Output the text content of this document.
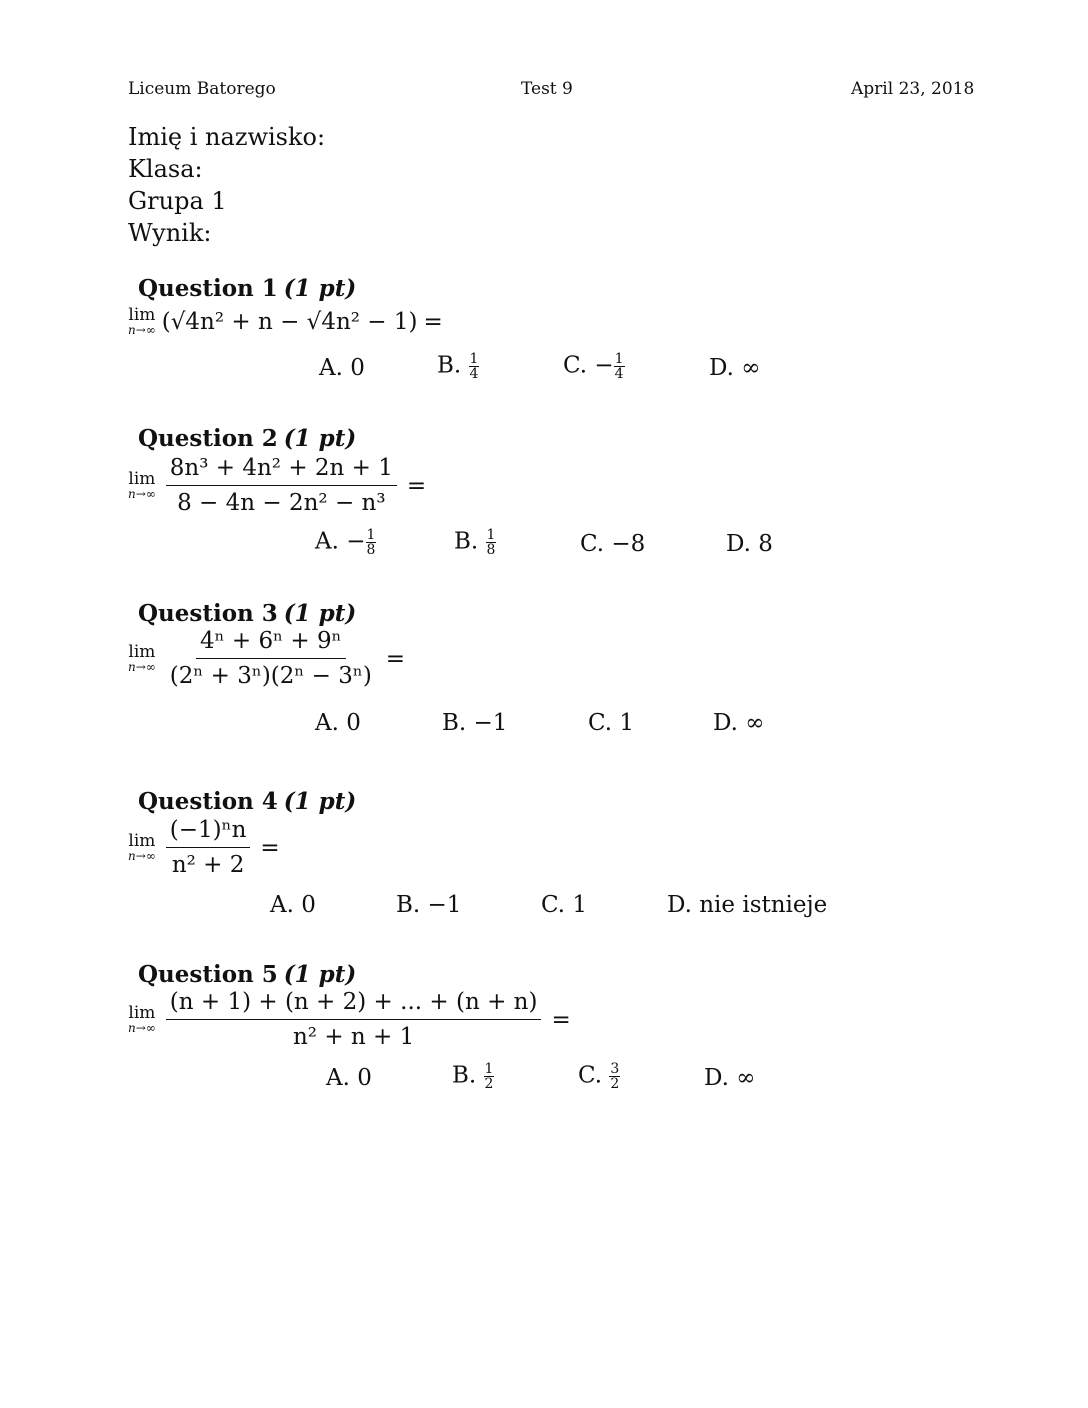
Liceum Batorego	Test 9	April 23, 2018
Imię i nazwisko:
Klasa:
Grupa 1
Wynik:
Question 1 (1 pt)
lim
n→∞ (√4n² + n − √4n² − 1) =
A. 0	B. $\frac{1}{4}$	C. − $\frac{1}{4}$	D. ∞
Question 2 (1 pt)
lim
$n\to\infty \frac{\text{8n³ + 4n² + 2n + 1}}{\text{8 − 4n − 2n² − n³}}$ =
A. − $\frac{1}{8}$	B. $\frac{1}{8}$	C. −8	D. 8
Question 3 (1 pt)
lim
$n\to\infty \frac{\text{4ⁿ + 6ⁿ + 9ⁿ}}{\text{(2ⁿ + 3ⁿ)(2ⁿ − 3ⁿ)}}$ =
A. 0	B. −1	C. 1	D. ∞
Question 4 (1 pt)
lim
$n\to\infty \frac{\text{(−1)ⁿn}}{\text{n² + 2}}$ =
A. 0	B. −1	C. 1	D. nie istnieje
Question 5 (1 pt)
lim
$n\to\infty \frac{(n + 1) + (n + 2) + ... + (n + n)}{\text{n² + n + 1}}$ =
A. 0	B. $\frac{1}{2}$	C. $\frac{3}{2}$	D. ∞
